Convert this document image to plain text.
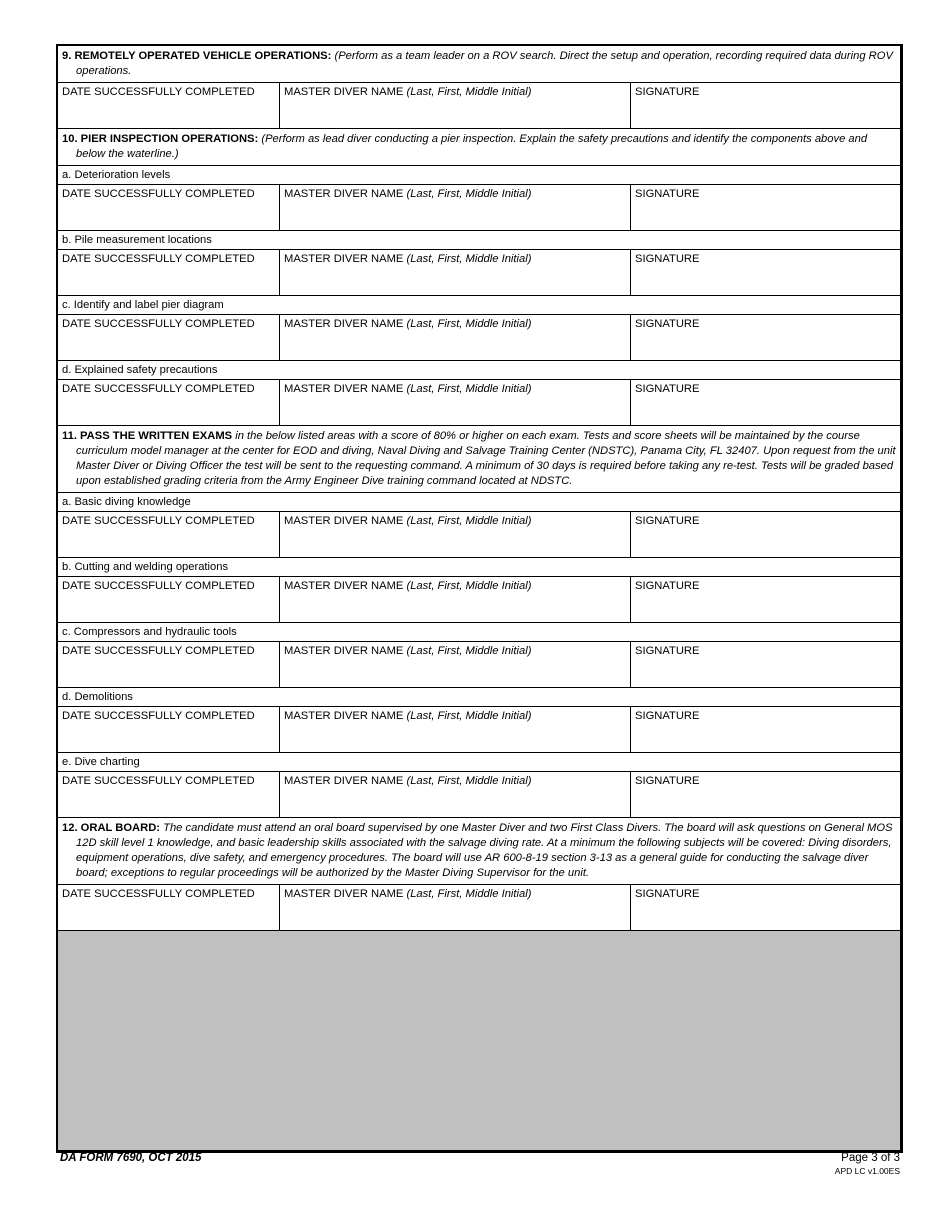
9. REMOTELY OPERATED VEHICLE OPERATIONS: (Perform as a team leader on a ROV search. Direct the setup and operation, recording required data during ROV operations.
DATE SUCCESSFULLY COMPLETED	MASTER DIVER NAME (Last, First, Middle Initial)	SIGNATURE
10. PIER INSPECTION OPERATIONS: (Perform as lead diver conducting a pier inspection. Explain the safety precautions and identify the components above and below the waterline.)
a. Deterioration levels
DATE SUCCESSFULLY COMPLETED	MASTER DIVER NAME (Last, First, Middle Initial)	SIGNATURE
b. Pile measurement locations
DATE SUCCESSFULLY COMPLETED	MASTER DIVER NAME (Last, First, Middle Initial)	SIGNATURE
c. Identify and label pier diagram
DATE SUCCESSFULLY COMPLETED	MASTER DIVER NAME (Last, First, Middle Initial)	SIGNATURE
d. Explained safety precautions
DATE SUCCESSFULLY COMPLETED	MASTER DIVER NAME (Last, First, Middle Initial)	SIGNATURE
11. PASS THE WRITTEN EXAMS in the below listed areas with a score of 80% or higher on each exam. Tests and score sheets will be maintained by the course curriculum model manager at the center for EOD and diving, Naval Diving and Salvage Training Center (NDSTC), Panama City, FL 32407. Upon request from the unit Master Diver or Diving Officer the test will be sent to the requesting command. A minimum of 30 days is required before taking any re-test. Tests will be graded based upon established grading criteria from the Army Engineer Dive training command located at NDSTC.
a. Basic diving knowledge
DATE SUCCESSFULLY COMPLETED	MASTER DIVER NAME (Last, First, Middle Initial)	SIGNATURE
b. Cutting and welding operations
DATE SUCCESSFULLY COMPLETED	MASTER DIVER NAME (Last, First, Middle Initial)	SIGNATURE
c. Compressors and hydraulic tools
DATE SUCCESSFULLY COMPLETED	MASTER DIVER NAME (Last, First, Middle Initial)	SIGNATURE
d. Demolitions
DATE SUCCESSFULLY COMPLETED	MASTER DIVER NAME (Last, First, Middle Initial)	SIGNATURE
e. Dive charting
DATE SUCCESSFULLY COMPLETED	MASTER DIVER NAME (Last, First, Middle Initial)	SIGNATURE
12. ORAL BOARD: The candidate must attend an oral board supervised by one Master Diver and two First Class Divers. The board will ask questions on General MOS 12D skill level 1 knowledge, and basic leadership skills associated with the salvage diving rate. At a minimum the following subjects will be covered: Diving disorders, equipment operations, dive safety, and emergency procedures. The board will use AR 600-8-19 section 3-13 as a general guide for conducting the salvage diver board; exceptions to regular proceedings will be authorized by the Master Diving Supervisor for the unit.
DATE SUCCESSFULLY COMPLETED	MASTER DIVER NAME (Last, First, Middle Initial)	SIGNATURE
DA FORM 7690, OCT 2015	Page 3 of 3
APD LC v1.00ES
